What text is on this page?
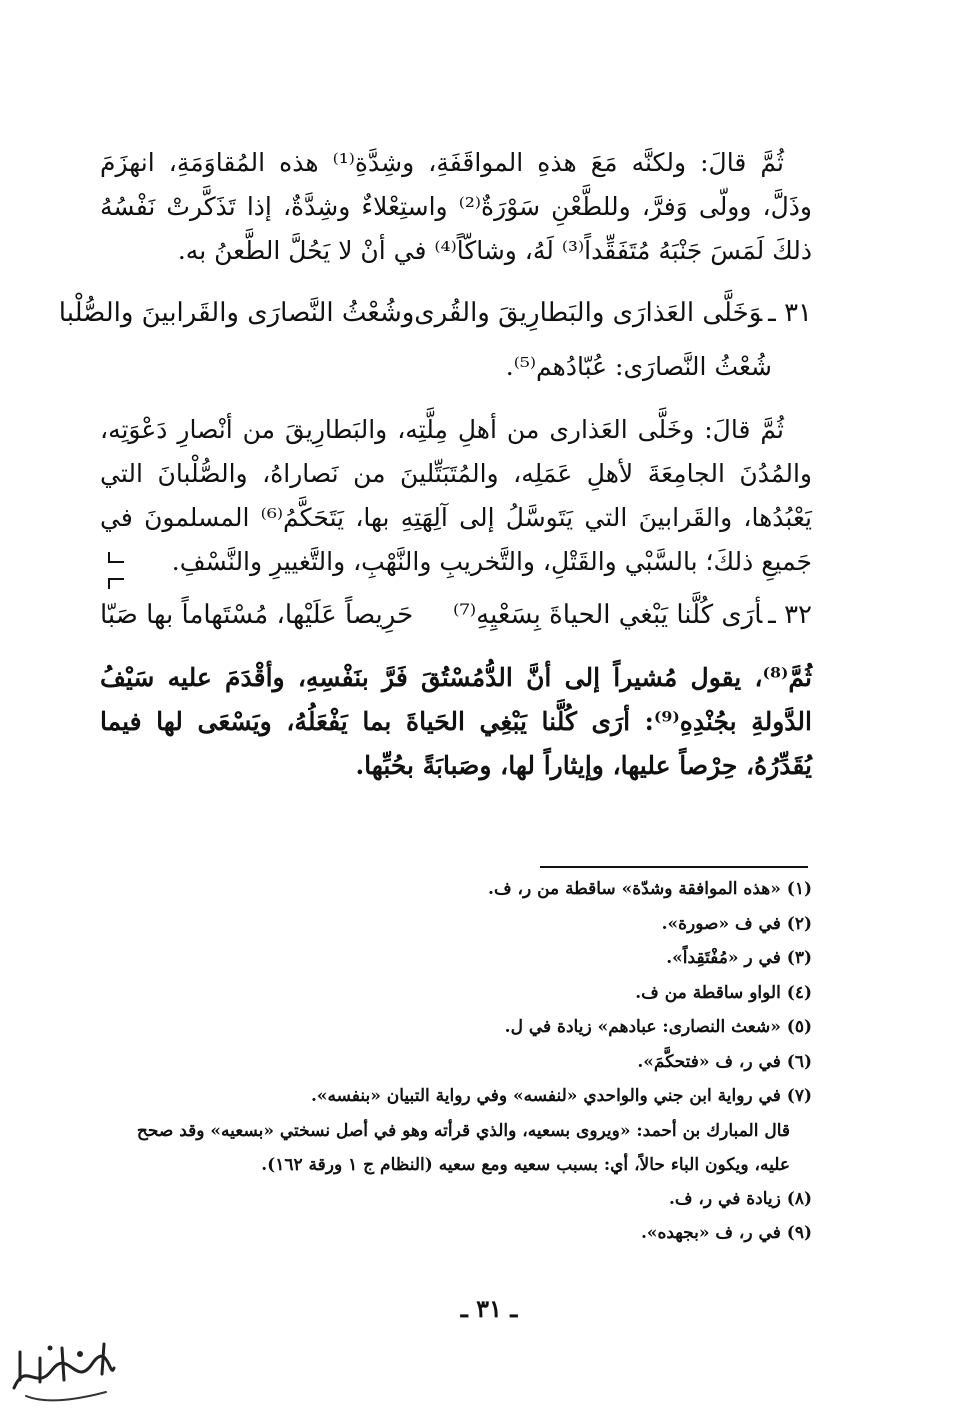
ثُمَّ قالَ: ولكنَّه مَعَ هذهِ المواقَفَةِ، وشِدَّةِ⁽¹⁾ هذه المُقاوَمَةِ، انهزَمَ وذَلَّ، وولّى وَفرَّ، وللطَّعْنِ سَوْرَةٌ⁽²⁾ واستِعْلاءٌ وشِدَّةٌ، إذا تَذَكَّرتْ نَفْسُهُ ذلكَ لَمَسَ جَنْبَهُ مُتَفَقِّداً⁽³⁾ لَهُ، وشاكّاً⁽⁴⁾ في أنْ لا يَحُلَّ الطَّعنُ به.

٣١ ـوَخَلَّى العَذارَى والبَطارِيقَ والقُرى
وشُعْثُ النَّصارَى والقَرابينَ والصُّلْبا
شُعْثُ النَّصارَى: عُبّادُهم⁽⁵⁾.

ثُمَّ قالَ: وخَلَّى العَذارى من أهلِ مِلَّتِه، والبَطارِيقَ من أنْصارِ دَعْوَتِه، والمُدُنَ الجامِعَةَ لأهلِ عَمَلِه، والمُتَبَتِّلينَ من نَصاراهُ، والصُّلْبانَ التي يَعْبُدُها، والقَرابينَ التي يَتَوسَّلُ إلى آلِهَتِهِ بها، يَتَحَكَّمُ⁽⁶⁾ المسلمونَ في جَميعِ ذلكَ؛ بالسَّبْي والقَتْلِ، والتَّخريبِ والنَّهْبِ، والتَّغييرِ والنَّسْفِ.

٣٢ ـأرَى كُلَّنا يَبْغي الحياةَ بِسَعْيِهِ⁽⁷⁾
حَرِيصاً عَلَيْها، مُسْتَهاماً بها صَبّا

ثُمَّ⁽⁸⁾، يقول مُشيراً إلى أنَّ الدُّمُسْتُقَ فَرَّ بنَفْسِهِ، وأقْدَمَ عليه سَيْفُ الدَّولةِ بجُنْدِهِ⁽⁹⁾: أرَى كُلَّنا يَبْغِي الحَياةَ بما يَفْعَلُهُ، ويَسْعَى لها فيما يُقَدِّرُهُ، حِرْصاً عليها، وإيثاراً لها، وصَبابَةً بحُبِّها.

(١) «هذه الموافقة وشدّة» ساقطة من ر، ف.
(٢) في ف «صورة».
(٣) في ر «مُفْتَقِداً».
(٤) الواو ساقطة من ف.
(٥) «شعث النصارى: عبادهم» زيادة في ل.
(٦) في ر، ف «فتحكَّمَ».
(٧) في رواية ابن جني والواحدي «لنفسه» وفي رواية التبيان «بنفسه».
قال المبارك بن أحمد: «ويروى بسعيه، والذي قرأته وهو في أصل نسختي «بسعيه» وقد صحح عليه، ويكون الباء حالاً، أي: بسبب سعيه ومع سعيه (النظام ج ١ ورقة ١٦٢).
(٨) زيادة في ر، ف.
(٩) في ر، ف «بجهده».
ـ ٣١ ـ
